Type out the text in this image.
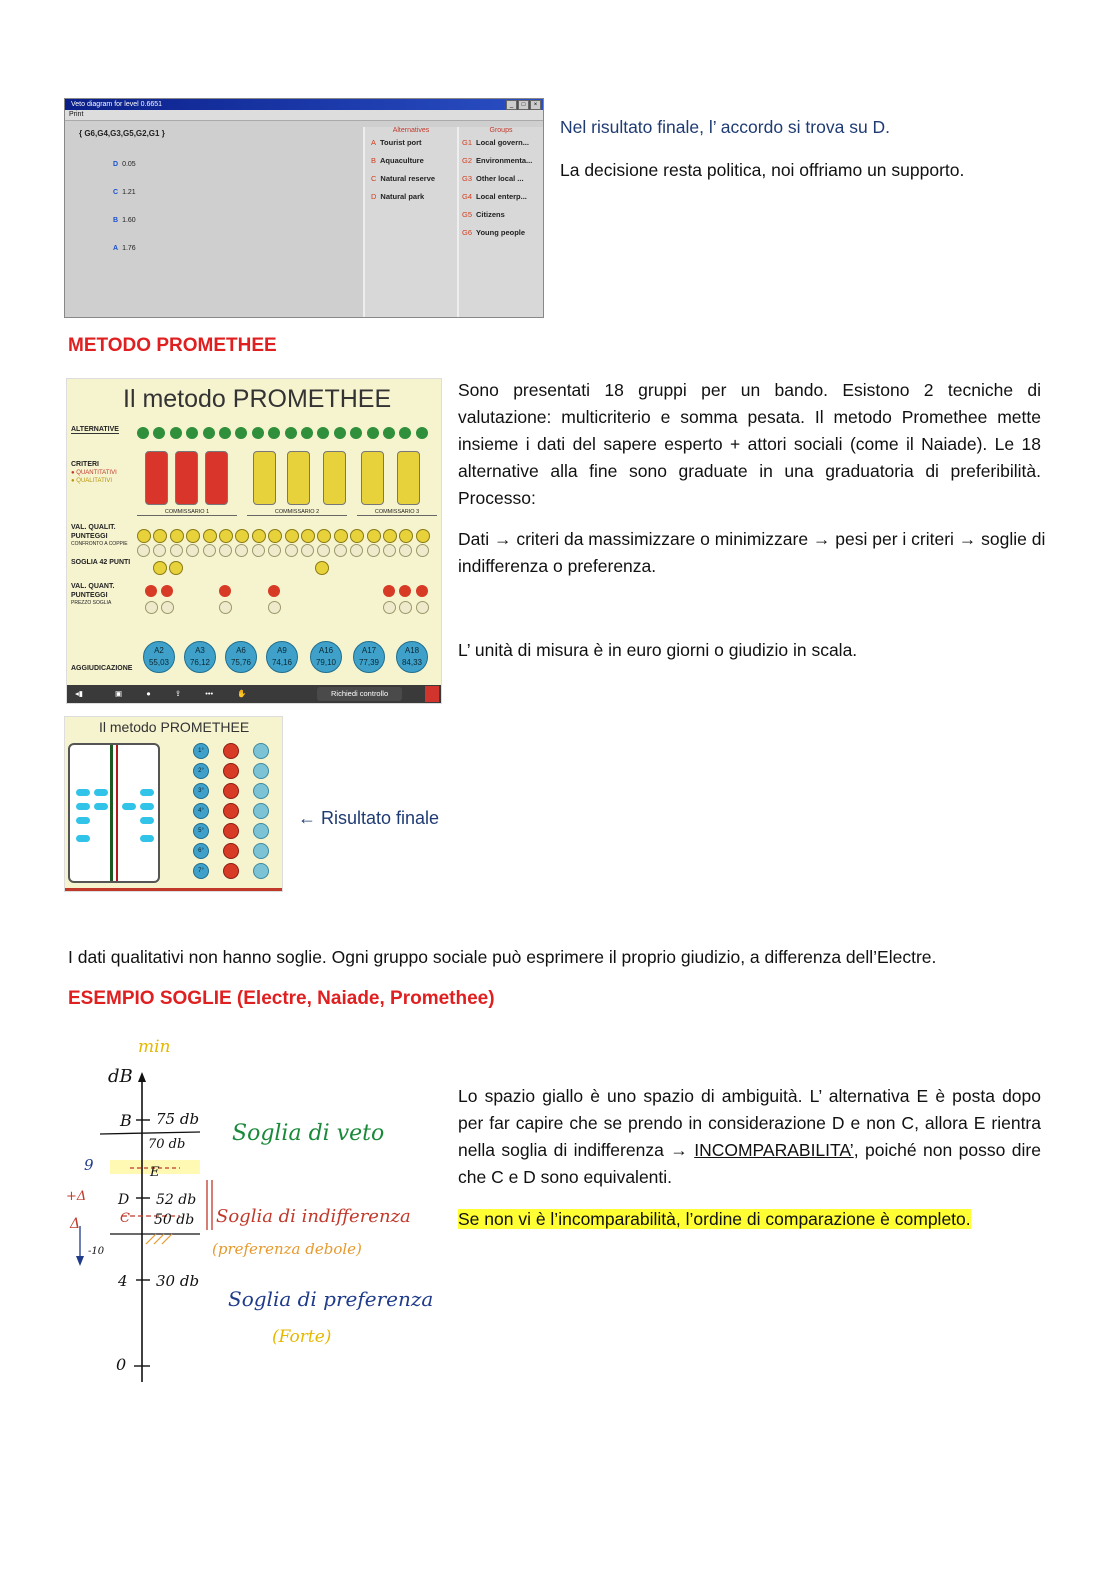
Veto diagram for level 0.6651	_	□	×
Print
{ G6,G4,G3,G5,G2,G1 }
D 0.05
C 1.21
B 1.60
A 1.76
Alternatives
A Tourist port
B Aquaculture
C Natural reserve
D Natural park
Groups
G1 Local govern...
G2 Environmenta...
G3 Other local ...
G4 Local enterp...
G5 Citizens
G6 Young people
Nel risultato finale, l’ accordo si trova su D.
La decisione resta politica, noi offriamo un supporto.
METODO PROMETHEE
Il metodo PROMETHEE
ALTERNATIVE
CRITERI
● QUANTITATIVI
● QUALITATIVI
COMMISSARIO 1	COMMISSARIO 2	COMMISSARIO 3
VAL. QUALIT.
PUNTEGGI
CONFRONTO A COPPIE
SOGLIA 42 PUNTI
VAL. QUANT.
PUNTEGGI
PREZZO SOGLIA
AGGIUDICAZIONE
A2
55,03
A3
76,12
A6
75,76
A9
74,16
A16
79,10
A17
77,39
A18
84,33
◂▮	▣	●	⇪	•••	✋	Richiedi controllo
Sono presentati 18 gruppi per un bando. Esistono 2 tecniche di valutazione: multicriterio e somma pesata. Il metodo Promethee mette insieme i dati del sapere esperto + attori sociali (come il Naiade). Le 18 alternative alla fine sono graduate in una graduatoria di preferibilità. Processo:
Dati → criteri da massimizzare o minimizzare → pesi per i criteri → soglie di indifferenza o preferenza.
L’ unità di misura è in euro giorni o giudizio in scala.
Il metodo PROMETHEE
1°
2°
3°
4°
5°
6°
7°
← Risultato finale
I dati qualitativi non hanno soglie. Ogni gruppo sociale può esprimere il proprio giudizio, a differenza dell’Electre.
ESEMPIO SOGLIE (Electre, Naiade, Promethee)
min
dB
B 75 db
70 db
9	E
D
C
52 db
50 db
+Δ
Δ
-10
4 30 db
0
Soglia di veto
Soglia di indifferenza
(preferenza debole)
Soglia di preferenza
(Forte)
Lo spazio giallo è uno spazio di ambiguità. L’ alternativa E è posta dopo per far capire che se prendo in considerazione D e non C, allora E rientra nella soglia di indifferenza → INCOMPARABILITA’, poiché non posso dire che C e D sono equivalenti.
Se non vi è l’incomparabilità, l’ordine di comparazione è completo.
